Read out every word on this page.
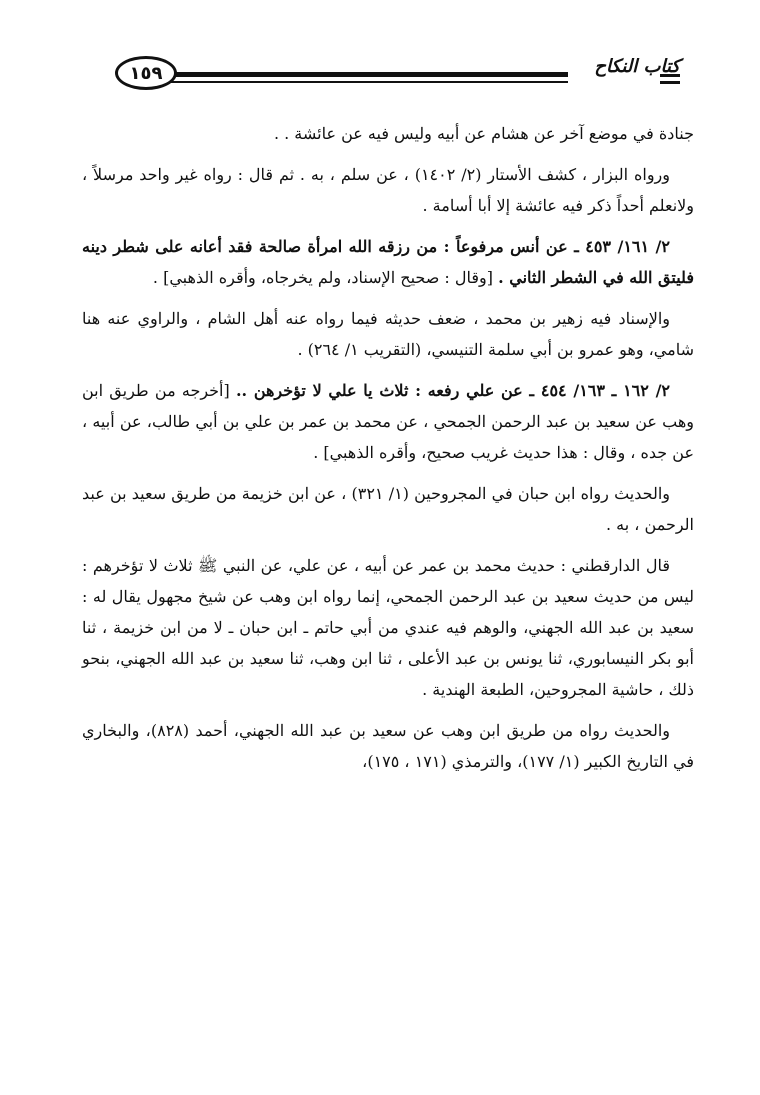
كتاب النكاح
١٥٩

جنادة في موضع آخر عن هشام عن أبيه وليس فيه عن عائشة . .

ورواه البزار ، كشف الأستار (٢/ ١٤٠٢) ، عن سلم ، به . ثم قال : رواه غير واحد مرسلاً ، ولانعلم أحداً ذكر فيه عائشة إلا أبا أسامة .

٢/ ١٦١/ ٤٥٣ ـ عن أنس مرفوعاً : من رزقه الله امرأة صالحة فقد أعانه على شطر دينه فليتق الله في الشطر الثاني . [وقال : صحيح الإسناد، ولم يخرجاه، وأقره الذهبي] .

والإسناد فيه زهير بن محمد ، ضعف حديثه فيما رواه عنه أهل الشام ، والراوي عنه هنا شامي، وهو عمرو بن أبي سلمة التنيسي، (التقريب ١/ ٢٦٤) .

٢/ ١٦٢ ـ ١٦٣/ ٤٥٤ ـ عن علي رفعه : ثلاث يا علي لا تؤخرهن .. [أخرجه من طريق ابن وهب عن سعيد بن عبد الرحمن الجمحي ، عن محمد بن عمر بن علي بن أبي طالب، عن أبيه ، عن جده ، وقال : هذا حديث غريب صحيح، وأقره الذهبي] .

والحديث رواه ابن حبان في المجروحين (١/ ٣٢١) ، عن ابن خزيمة من طريق سعيد بن عبد الرحمن ، به .

قال الدارقطني : حديث محمد بن عمر عن أبيه ، عن علي، عن النبي ﷺ ثلاث لا تؤخرهم : ليس من حديث سعيد بن عبد الرحمن الجمحي، إنما رواه ابن وهب عن شيخ مجهول يقال له : سعيد بن عبد الله الجهني، والوهم فيه عندي من أبي حاتم ـ ابن حبان ـ لا من ابن خزيمة ، ثنا أبو بكر النيسابوري، ثنا يونس بن عبد الأعلى ، ثنا ابن وهب، ثنا سعيد بن عبد الله الجهني، بنحو ذلك ، حاشية المجروحين، الطبعة الهندية .

والحديث رواه من طريق ابن وهب عن سعيد بن عبد الله الجهني، أحمد (٨٢٨)، والبخاري في التاريخ الكبير (١/ ١٧٧)، والترمذي (١٧١ ، ١٧٥)،
